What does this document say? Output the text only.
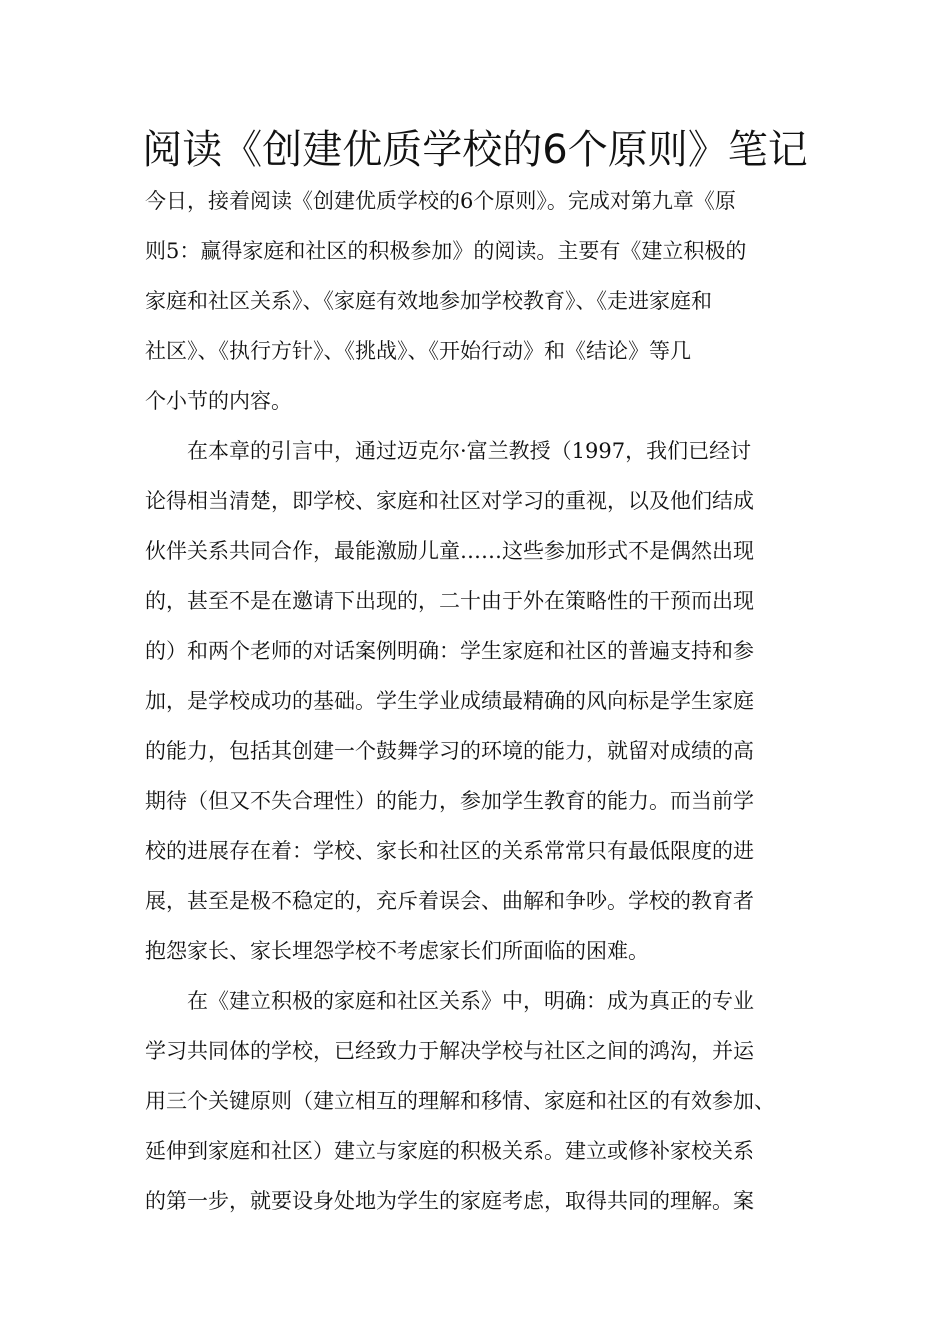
阅读《创建优质学校的6个原则》笔记
今日，接着阅读《创建优质学校的6个原则》。完成对第九章《原
则5：赢得家庭和社区的积极参加》的阅读。主要有《建立积极的
家庭和社区关系》、《家庭有效地参加学校教育》、《走进家庭和
社区》、《执行方针》、《挑战》、《开始行动》和《结论》等几
个小节的内容。
　　在本章的引言中，通过迈克尔·富兰教授（1997，我们已经讨
论得相当清楚，即学校、家庭和社区对学习的重视，以及他们结成
伙伴关系共同合作，最能激励儿童……这些参加形式不是偶然出现
的，甚至不是在邀请下出现的，二十由于外在策略性的干预而出现
的）和两个老师的对话案例明确：学生家庭和社区的普遍支持和参
加，是学校成功的基础。学生学业成绩最精确的风向标是学生家庭
的能力，包括其创建一个鼓舞学习的环境的能力，就留对成绩的高
期待（但又不失合理性）的能力，参加学生教育的能力。而当前学
校的进展存在着：学校、家长和社区的关系常常只有最低限度的进
展，甚至是极不稳定的，充斥着误会、曲解和争吵。学校的教育者
抱怨家长、家长埋怨学校不考虑家长们所面临的困难。
　　在《建立积极的家庭和社区关系》中，明确：成为真正的专业
学习共同体的学校，已经致力于解决学校与社区之间的鸿沟，并运
用三个关键原则（建立相互的理解和移情、家庭和社区的有效参加、
延伸到家庭和社区）建立与家庭的积极关系。建立或修补家校关系
的第一步，就要设身处地为学生的家庭考虑，取得共同的理解。案
